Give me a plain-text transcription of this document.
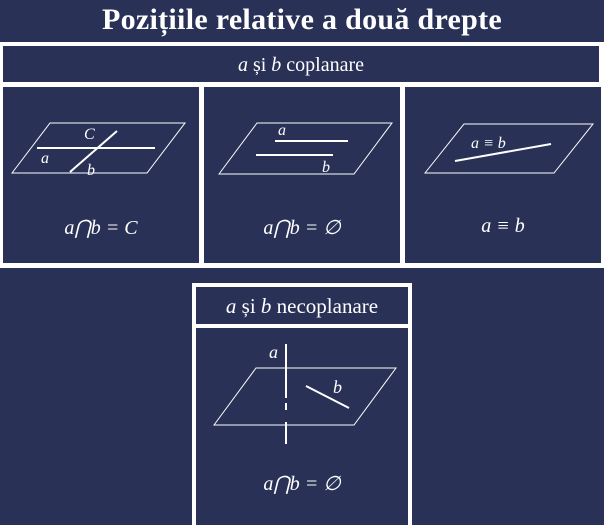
Pozițiile relative a două drepte
a și b coplanare
C
a
b
a⋂b = C
a
b
a⋂b = ∅
a ≡ b
a ≡ b
a și b necoplanare
a
b
a⋂b = ∅
